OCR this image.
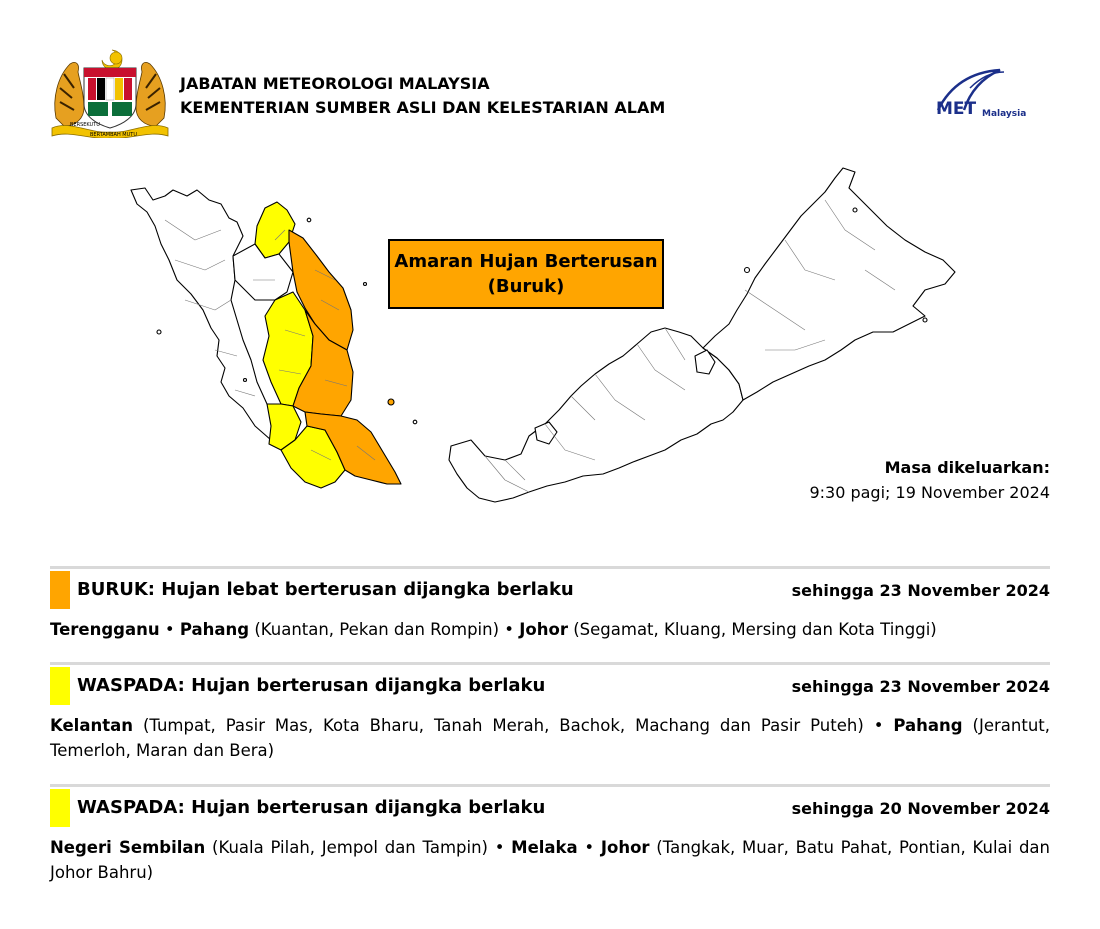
BERSEKUTU
BERTAMBAH MUTU
JABATAN METEOROLOGI MALAYSIA
KEMENTERIAN SUMBER ASLI DAN KELESTARIAN ALAM	MET Malaysia
Amaran Hujan Berterusan
(Buruk)
Masa dikeluarkan:
9:30 pagi; 19 November 2024
BURUK: Hujan lebat berterusan dijangka berlaku	sehingga 23 November 2024
Terengganu • Pahang (Kuantan, Pekan dan Rompin) • Johor (Segamat, Kluang, Mersing dan Kota Tinggi)
WASPADA: Hujan berterusan dijangka berlaku	sehingga 23 November 2024
Kelantan (Tumpat, Pasir Mas, Kota Bharu, Tanah Merah, Bachok, Machang dan Pasir Puteh) • Pahang (Jerantut, Temerloh, Maran dan Bera)
WASPADA: Hujan berterusan dijangka berlaku	sehingga 20 November 2024
Negeri Sembilan (Kuala Pilah, Jempol dan Tampin) • Melaka • Johor (Tangkak, Muar, Batu Pahat, Pontian, Kulai dan Johor Bahru)
